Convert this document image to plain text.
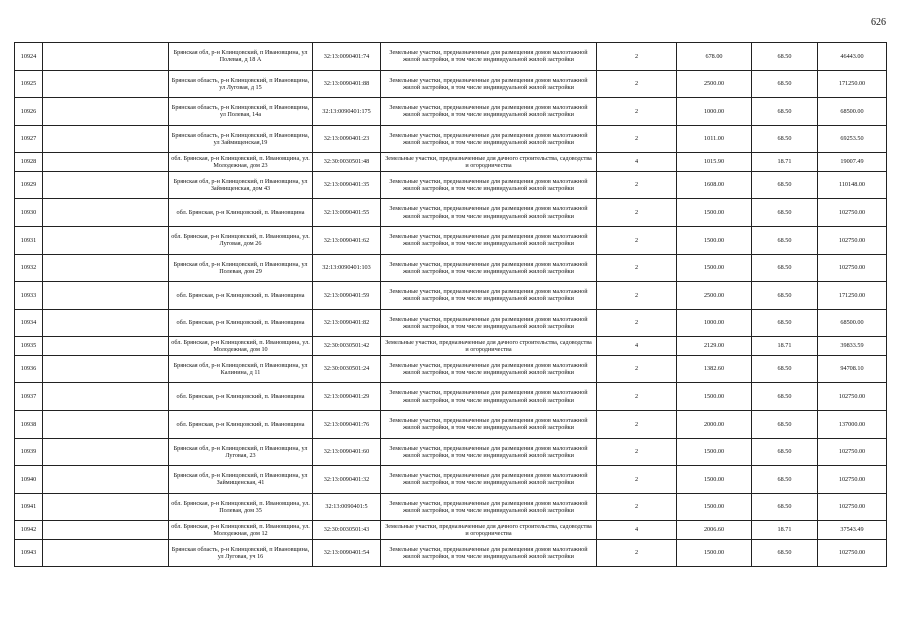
626
10924		Брянская обл, р-н Клинцовский, п Ивановщина, ул Полевая, д 18 А	32:13:0090401:74	Земельные участки, предназначенные для размещения домов малоэтажной жилой застройки, в том числе индивидуальной жилой застройки	2	678.00	68.50	46443.00
10925		Брянская область, р-н Клинцовский, п Ивановщина, ул Луговая, д 15	32:13:0090401:88	Земельные участки, предназначенные для размещения домов малоэтажной жилой застройки, в том числе индивидуальной жилой застройки	2	2500.00	68.50	171250.00
10926		Брянская область, р-н Клинцовский, п Ивановщина, ул Полевая, 14а	32:13:0090401:175	Земельные участки, предназначенные для размещения домов малоэтажной жилой застройки, в том числе индивидуальной жилой застройки	2	1000.00	68.50	68500.00
10927		Брянская область, р-н Клинцовский, п Ивановщина, ул Займищенская,19	32:13:0090401:23	Земельные участки, предназначенные для размещения домов малоэтажной жилой застройки, в том числе индивидуальной жилой застройки	2	1011.00	68.50	69253.50
10928		обл. Брянская, р-н Клинцовский, п. Ивановщина, ул. Молодежная, дом 23	32:30:0030501:48	Земельные участки, предназначенные для дачного строительства, садоводства и огородничества	4	1015.90	18.71	19007.49
10929		Брянская обл, р-н Клинцовский, п Ивановщина, ул Займищенская, дом 43	32:13:0090401:35	Земельные участки, предназначенные для размещения домов малоэтажной жилой застройки, в том числе индивидуальной жилой застройки	2	1608.00	68.50	110148.00
10930		обл. Брянская, р-н Клинцовский, п. Ивановщина	32:13:0090401:55	Земельные участки, предназначенные для размещения домов малоэтажной жилой застройки, в том числе индивидуальной жилой застройки	2	1500.00	68.50	102750.00
10931		обл. Брянская, р-н Клинцовский, п. Ивановщина, ул. Луговая, дом 26	32:13:0090401:62	Земельные участки, предназначенные для размещения домов малоэтажной жилой застройки, в том числе индивидуальной жилой застройки	2	1500.00	68.50	102750.00
10932		Брянская обл, р-н Клинцовский, п Ивановщина, ул Полевая, дом 29	32:13:0090401:103	Земельные участки, предназначенные для размещения домов малоэтажной жилой застройки, в том числе индивидуальной жилой застройки	2	1500.00	68.50	102750.00
10933		обл. Брянская, р-н Клинцовский, п. Ивановщина	32:13:0090401:59	Земельные участки, предназначенные для размещения домов малоэтажной жилой застройки, в том числе индивидуальной жилой застройки	2	2500.00	68.50	171250.00
10934		обл. Брянская, р-н Клинцовский, п. Ивановщина	32:13:0090401:82	Земельные участки, предназначенные для размещения домов малоэтажной жилой застройки, в том числе индивидуальной жилой застройки	2	1000.00	68.50	68500.00
10935		обл. Брянская, р-н Клинцовский, п. Ивановщина, ул. Молодежная, дом 10	32:30:0030501:42	Земельные участки, предназначенные для дачного строительства, садоводства и огородничества	4	2129.00	18.71	39833.59
10936		Брянская обл, р-н Клинцовский, п Ивановщина, ул Калинина, д 11	32:30:0030501:24	Земельные участки, предназначенные для размещения домов малоэтажной жилой застройки, в том числе индивидуальной жилой застройки	2	1382.60	68.50	94708.10
10937		обл. Брянская, р-н Клинцовский, п. Ивановщина	32:13:0090401:29	Земельные участки, предназначенные для размещения домов малоэтажной жилой застройки, в том числе индивидуальной жилой застройки	2	1500.00	68.50	102750.00
10938		обл. Брянская, р-н Клинцовский, п. Ивановщина	32:13:0090401:76	Земельные участки, предназначенные для размещения домов малоэтажной жилой застройки, в том числе индивидуальной жилой застройки	2	2000.00	68.50	137000.00
10939		Брянская обл, р-н Клинцовский, п Ивановщина, ул Луговая, 23	32:13:0090401:60	Земельные участки, предназначенные для размещения домов малоэтажной жилой застройки, в том числе индивидуальной жилой застройки	2	1500.00	68.50	102750.00
10940		Брянская обл, р-н Клинцовский, п Ивановщина, ул Займищенская, 41	32:13:0090401:32	Земельные участки, предназначенные для размещения домов малоэтажной жилой застройки, в том числе индивидуальной жилой застройки	2	1500.00	68.50	102750.00
10941		обл. Брянская, р-н Клинцовский, п. Ивановщина, ул. Полевая, дом 35	32:13:0090401:5	Земельные участки, предназначенные для размещения домов малоэтажной жилой застройки, в том числе индивидуальной жилой застройки	2	1500.00	68.50	102750.00
10942		обл. Брянская, р-н Клинцовский, п. Ивановщина, ул. Молодежная, дом 12	32:30:0030501:43	Земельные участки, предназначенные для дачного строительства, садоводства и огородничества	4	2006.60	18.71	37543.49
10943		Брянская область, р-н Клинцовский, п Ивановщина, ул Луговая, уч 16	32:13:0090401:54	Земельные участки, предназначенные для размещения домов малоэтажной жилой застройки, в том числе индивидуальной жилой застройки	2	1500.00	68.50	102750.00
